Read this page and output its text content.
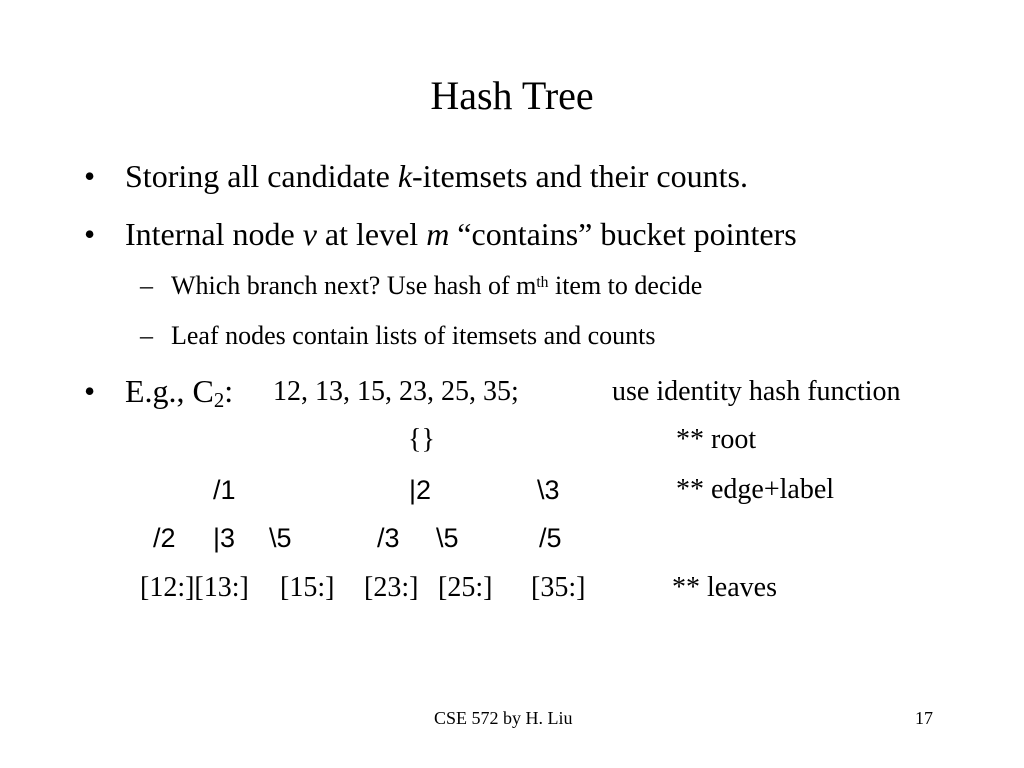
Hash Tree
• Storing all candidate k-itemsets and their counts.
• Internal node v at level m “contains” bucket pointers
– Which branch next? Use hash of $m^{th}$ item to decide
– Leaf nodes contain lists of itemsets and counts
• E.g., $C_2$: 12, 13, 15, 23, 25, 35;	use identity hash function
{}	** root
/1	|2	\3	** edge+label
/2 |3 \5	/3 \5	/5
[12:][13:] [15:] [23:] [25:] [35:]	** leaves
CSE 572 by H. Liu	17
